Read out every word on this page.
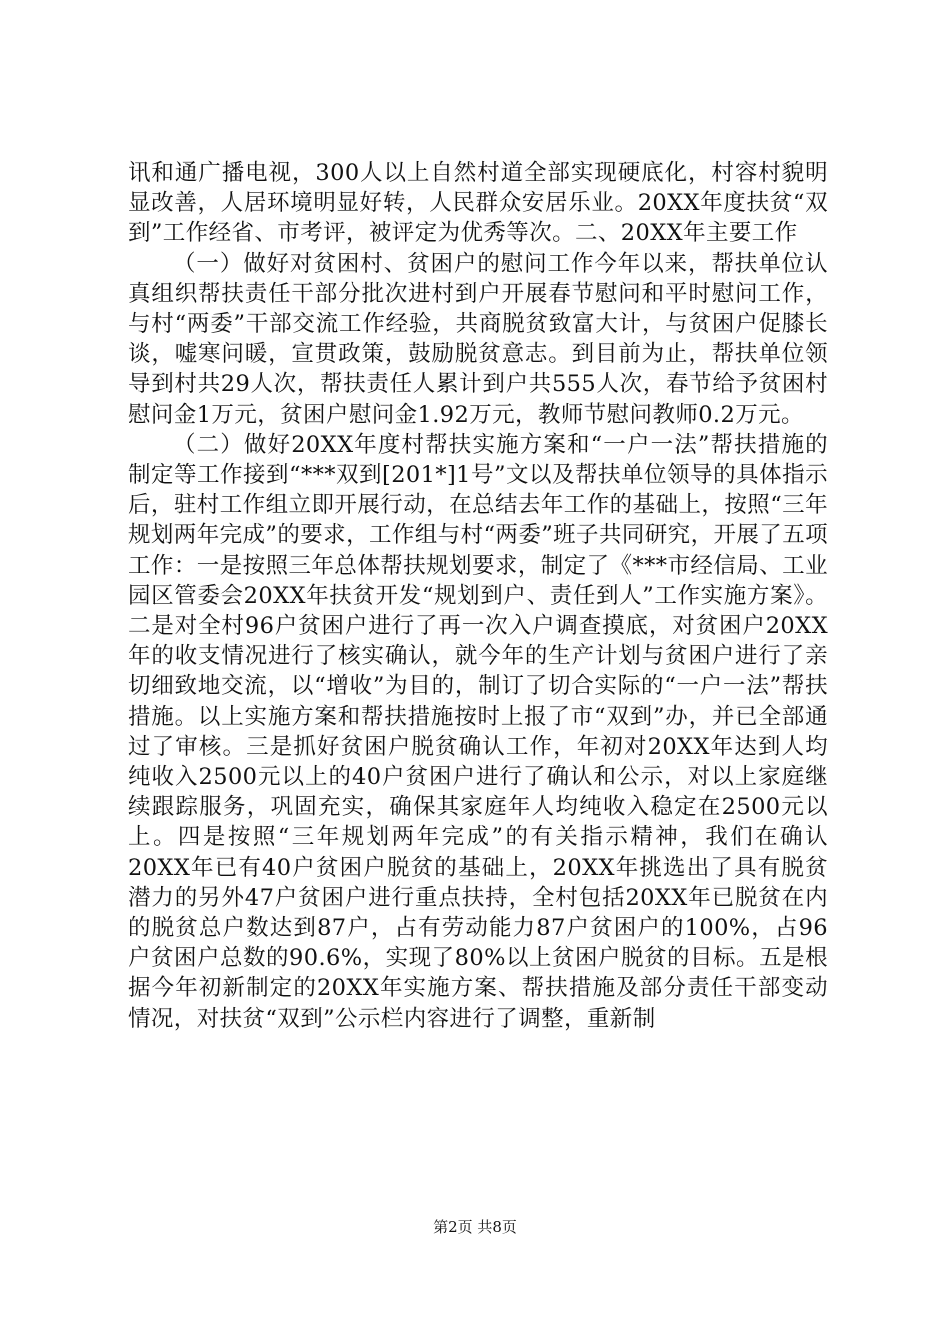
讯和通广播电视，300人以上自然村道全部实现硬底化，村容村貌明显改善，人居环境明显好转，人民群众安居乐业。20XX年度扶贫“双到”工作经省、市考评，被评定为优秀等次。二、20XX年主要工作

（一）做好对贫困村、贫困户的慰问工作今年以来，帮扶单位认真组织帮扶责任干部分批次进村到户开展春节慰问和平时慰问工作，与村“两委”干部交流工作经验，共商脱贫致富大计，与贫困户促膝长谈，嘘寒问暖，宣贯政策，鼓励脱贫意志。到目前为止，帮扶单位领导到村共29人次，帮扶责任人累计到户共555人次，春节给予贫困村慰问金1万元，贫困户慰问金1.92万元，教师节慰问教师0.2万元。

（二）做好20XX年度村帮扶实施方案和“一户一法”帮扶措施的制定等工作接到“***双到[201*]1号”文以及帮扶单位领导的具体指示后，驻村工作组立即开展行动，在总结去年工作的基础上，按照“三年规划两年完成”的要求，工作组与村“两委”班子共同研究，开展了五项工作：一是按照三年总体帮扶规划要求，制定了《***市经信局、工业园区管委会20XX年扶贫开发“规划到户、责任到人”工作实施方案》。二是对全村96户贫困户进行了再一次入户调查摸底，对贫困户20XX年的收支情况进行了核实确认，就今年的生产计划与贫困户进行了亲切细致地交流，以“增收”为目的，制订了切合实际的“一户一法”帮扶措施。以上实施方案和帮扶措施按时上报了市“双到”办，并已全部通过了审核。三是抓好贫困户脱贫确认工作，年初对20XX年达到人均纯收入2500元以上的40户贫困户进行了确认和公示，对以上家庭继续跟踪服务，巩固充实，确保其家庭年人均纯收入稳定在2500元以上。四是按照“三年规划两年完成”的有关指示精神，我们在确认20XX年已有40户贫困户脱贫的基础上，20XX年挑选出了具有脱贫潜力的另外47户贫困户进行重点扶持，全村包括20XX年已脱贫在内的脱贫总户数达到87户，占有劳动能力87户贫困户的100%，占96户贫困户总数的90.6%，实现了80%以上贫困户脱贫的目标。五是根据今年初新制定的20XX年实施方案、帮扶措施及部分责任干部变动情况，对扶贫“双到”公示栏内容进行了调整，重新制

第2页 共8页
